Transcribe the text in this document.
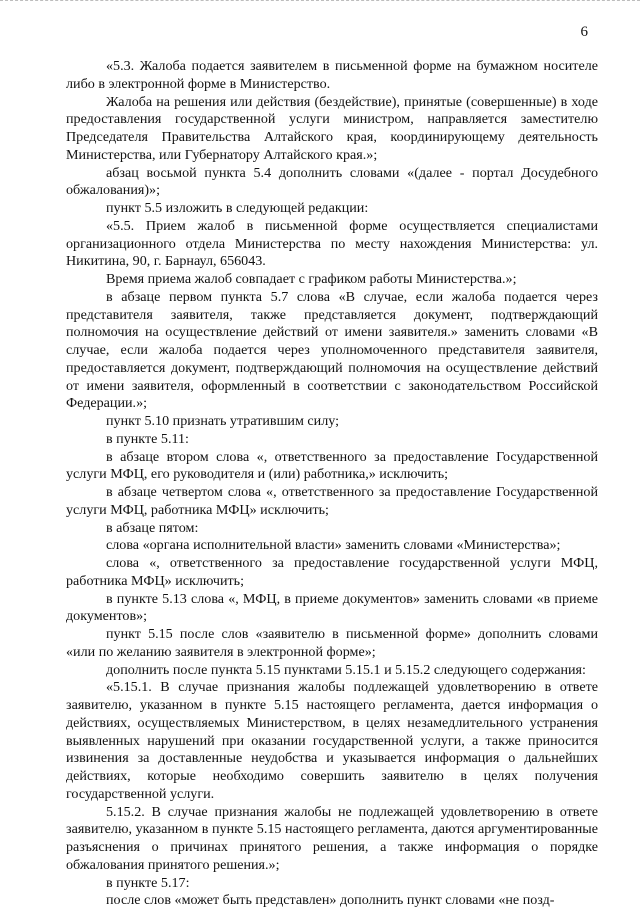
6

«5.3. Жалоба подается заявителем в письменной форме на бумажном носителе либо в электронной форме в Министерство.

Жалоба на решения или действия (бездействие), принятые (совершенные) в ходе предоставления государственной услуги министром, направляется заместителю Председателя Правительства Алтайского края, координирующему деятельность Министерства, или Губернатору Алтайского края.»;

абзац восьмой пункта 5.4 дополнить словами «(далее - портал Досудебного обжалования)»;

пункт 5.5 изложить в следующей редакции:

«5.5. Прием жалоб в письменной форме осуществляется специалистами организационного отдела Министерства по месту нахождения Министерства: ул. Никитина, 90, г. Барнаул, 656043.

Время приема жалоб совпадает с графиком работы Министерства.»;

в абзаце первом пункта 5.7 слова «В случае, если жалоба подается через представителя заявителя, также представляется документ, подтверждающий полномочия на осуществление действий от имени заявителя.» заменить словами «В случае, если жалоба подается через уполномоченного представителя заявителя, предоставляется документ, подтверждающий полномочия на осуществление действий от имени заявителя, оформленный в соответствии с законодательством Российской Федерации.»;

пункт 5.10 признать утратившим силу;

в пункте 5.11:

в абзаце втором слова «, ответственного за предоставление Государственной услуги МФЦ, его руководителя и (или) работника,» исключить;

в абзаце четвертом слова «, ответственного за предоставление Государственной услуги МФЦ, работника МФЦ» исключить;

в абзаце пятом:

слова «органа исполнительной власти» заменить словами «Министерства»;

слова «, ответственного за предоставление государственной услуги МФЦ, работника МФЦ» исключить;

в пункте 5.13 слова «, МФЦ, в приеме документов» заменить словами «в приеме документов»;

пункт 5.15 после слов «заявителю в письменной форме» дополнить словами «или по желанию заявителя в электронной форме»;

дополнить после пункта 5.15 пунктами 5.15.1 и 5.15.2 следующего содержания:

«5.15.1. В случае признания жалобы подлежащей удовлетворению в ответе заявителю, указанном в пункте 5.15 настоящего регламента, дается информация о действиях, осуществляемых Министерством, в целях незамедлительного устранения выявленных нарушений при оказании государственной услуги, а также приносится извинения за доставленные неудобства и указывается информация о дальнейших действиях, которые необходимо совершить заявителю в целях получения государственной услуги.

5.15.2. В случае признания жалобы не подлежащей удовлетворению в ответе заявителю, указанном в пункте 5.15 настоящего регламента, даются аргументированные разъяснения о причинах принятого решения, а также информация о порядке обжалования принятого решения.»;

в пункте 5.17:

после слов «может быть представлен» дополнить пункт словами «не позд-
